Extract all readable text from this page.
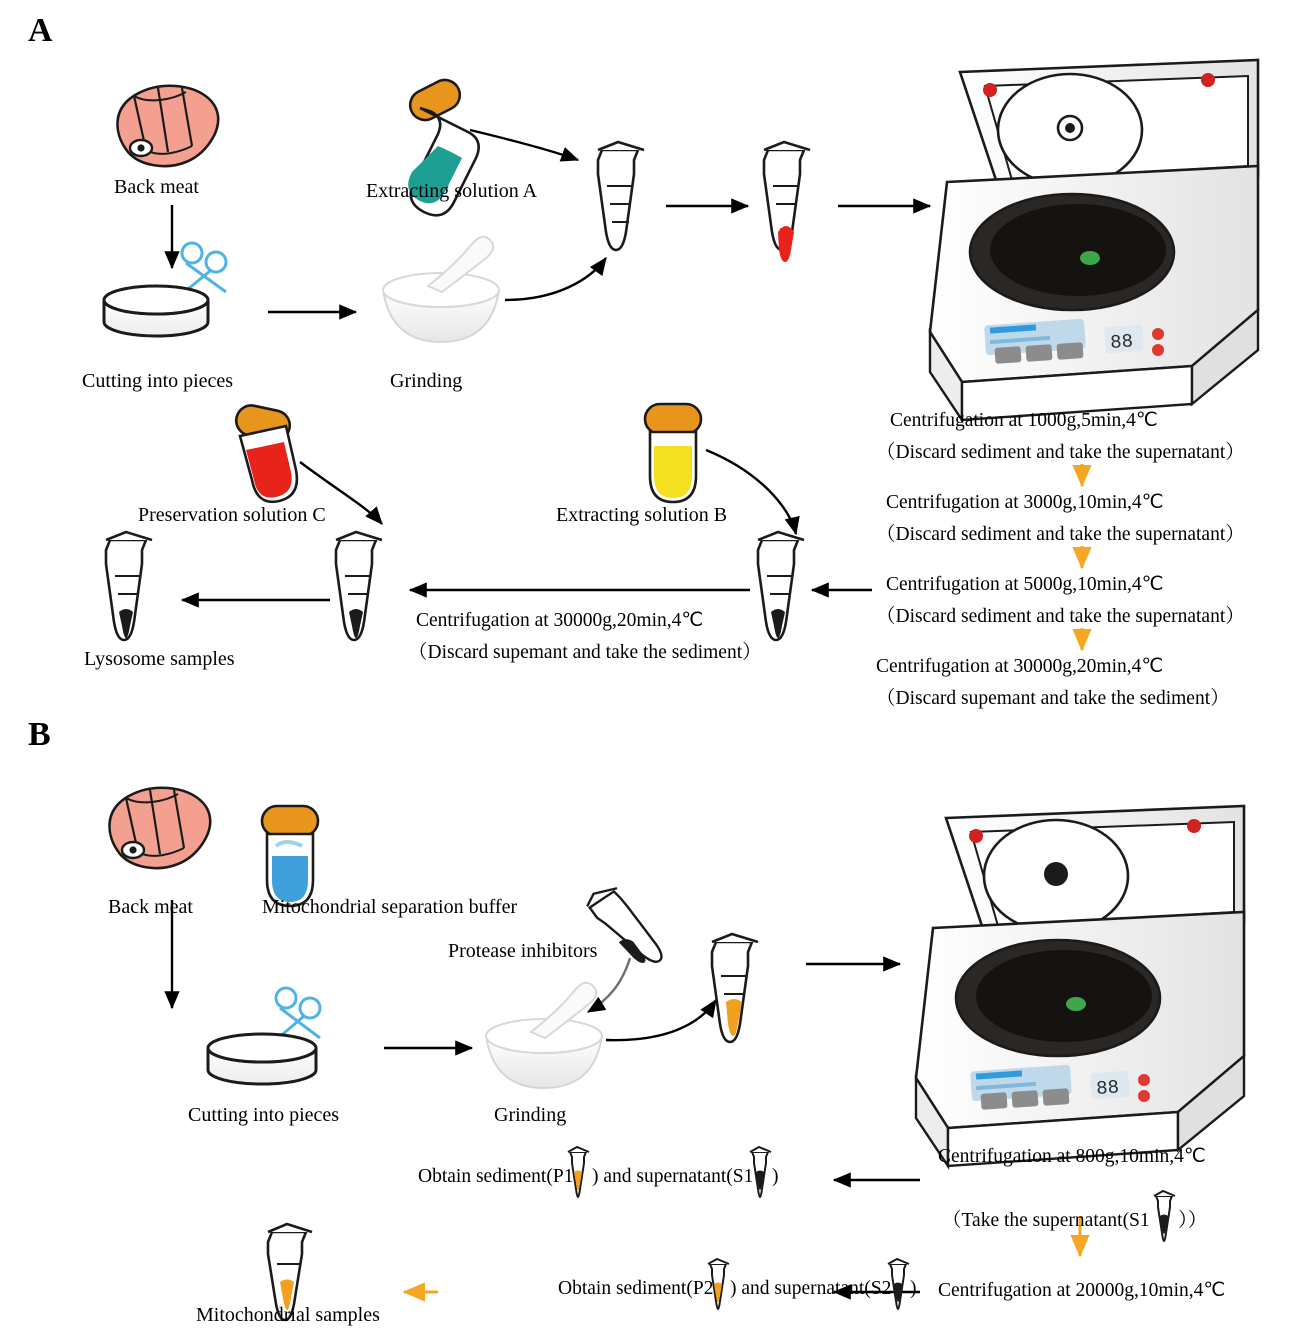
A
B
88
88
Back meat
Cutting into pieces	Grinding
Extracting solution A
Extracting solution B
Preservation solution C
Lysosome samples
Centrifugation at 1000g,5min,4℃
（Discard sediment and take the supernatant）
Centrifugation at 3000g,10min,4℃
（Discard sediment and take the supernatant）
Centrifugation at 5000g,10min,4℃
（Discard sediment and take the supernatant）
Centrifugation at 30000g,20min,4℃
（Discard supemant and take the sediment）
Centrifugation at 30000g,20min,4℃
（Discard supemant and take the sediment）
Back meat	Mitochondrial separation buffer
Protease inhibitors
Cutting into pieces	Grinding
Mitochondrial samples
Centrifugation at 800g,10min,4℃
（Take the supernatant(S1 ））
Centrifugation at 20000g,10min,4℃
Obtain sediment(P1 ) and supernatant(S1 )
Obtain sediment(P2 ) and supernatant(S2 )
